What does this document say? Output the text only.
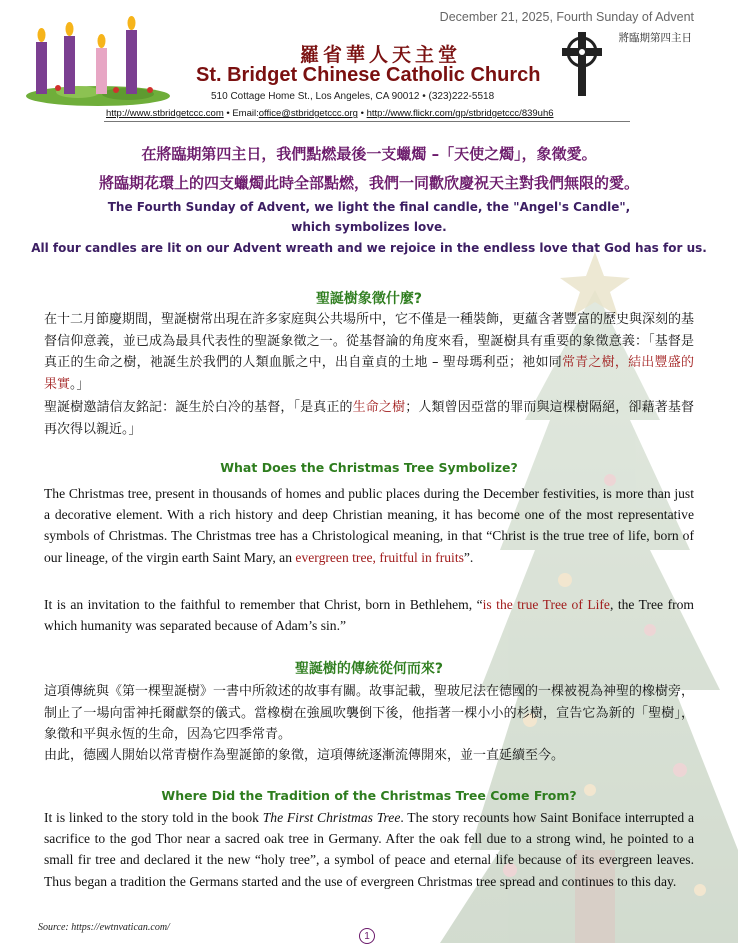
December 21, 2025, Fourth Sunday of Advent
將臨期第四主日
羅省華人天主堂
St. Bridget Chinese Catholic Church
510 Cottage Home St., Los Angeles, CA 90012 • (323)222-5518
http://www.stbridgetccc.com • Email:office@stbridgetccc.org • http://www.flickr.com/gp/stbridgetccc/839uh6
在將臨期第四主日，我們點燃最後一支蠟燭 –「天使之燭」，象徵愛。
將臨期花環上的四支蠟燭此時全部點燃，我們一同歡欣慶祝天主對我們無限的愛。
The Fourth Sunday of Advent, we light the final candle, the "Angel's Candle",
which symbolizes love.
All four candles are lit on our Advent wreath and we rejoice in the endless love that God has for us.
聖誕樹象徵什麼?
在十二月節慶期間，聖誕樹常出現在許多家庭與公共場所中，它不僅是一種裝飾，更蘊含著豐富的歷史與深刻的基督信仰意義，並已成為最具代表性的聖誕象徵之一。從基督論的角度來看，聖誕樹具有重要的象徵意義：「基督是真正的生命之樹，祂誕生於我們的人類血脈之中，出自童貞的土地 – 聖母瑪利亞；祂如同常青之樹，結出豐盛的果實。」
聖誕樹邀請信友銘記：誕生於白冷的基督，「是真正的生命之樹；人類曾因亞當的罪而與這棵樹隔絕，卻藉著基督再次得以親近。」
What Does the Christmas Tree Symbolize?
The Christmas tree, present in thousands of homes and public places during the December festivities, is more than just a decorative element. With a rich history and deep Christian meaning, it has become one of the most representative symbols of Christmas. The Christmas tree has a Christological meaning, in that “Christ is the true tree of life, born of our lineage, of the virgin earth Saint Mary, an evergreen tree, fruitful in fruits”.
It is an invitation to the faithful to remember that Christ, born in Bethlehem, “is the true Tree of Life, the Tree from which humanity was separated because of Adam’s sin.”
聖誕樹的傳統從何而來?
這項傳統與《第一棵聖誕樹》一書中所敘述的故事有關。故事記載，聖玻尼法在德國的一棵被視為神聖的橡樹旁，制止了一場向雷神托爾獻祭的儀式。當橡樹在強風吹襲倒下後，他指著一棵小小的杉樹，宣告它為新的「聖樹」，象徵和平與永恆的生命，因為它四季常青。
由此，德國人開始以常青樹作為聖誕節的象徵，這項傳統逐漸流傳開來，並一直延續至今。
Where Did the Tradition of the Christmas Tree Come From?
It is linked to the story told in the book The First Christmas Tree. The story recounts how Saint Boniface interrupted a sacrifice to the god Thor near a sacred oak tree in Germany. After the oak fell due to a strong wind, he pointed to a small fir tree and declared it the new “holy tree”, a symbol of peace and eternal life because of its evergreen leaves. Thus began a tradition the Germans started and the use of evergreen Christmas tree spread and continues to this day.
Source: https://ewtnvatican.com/
1
